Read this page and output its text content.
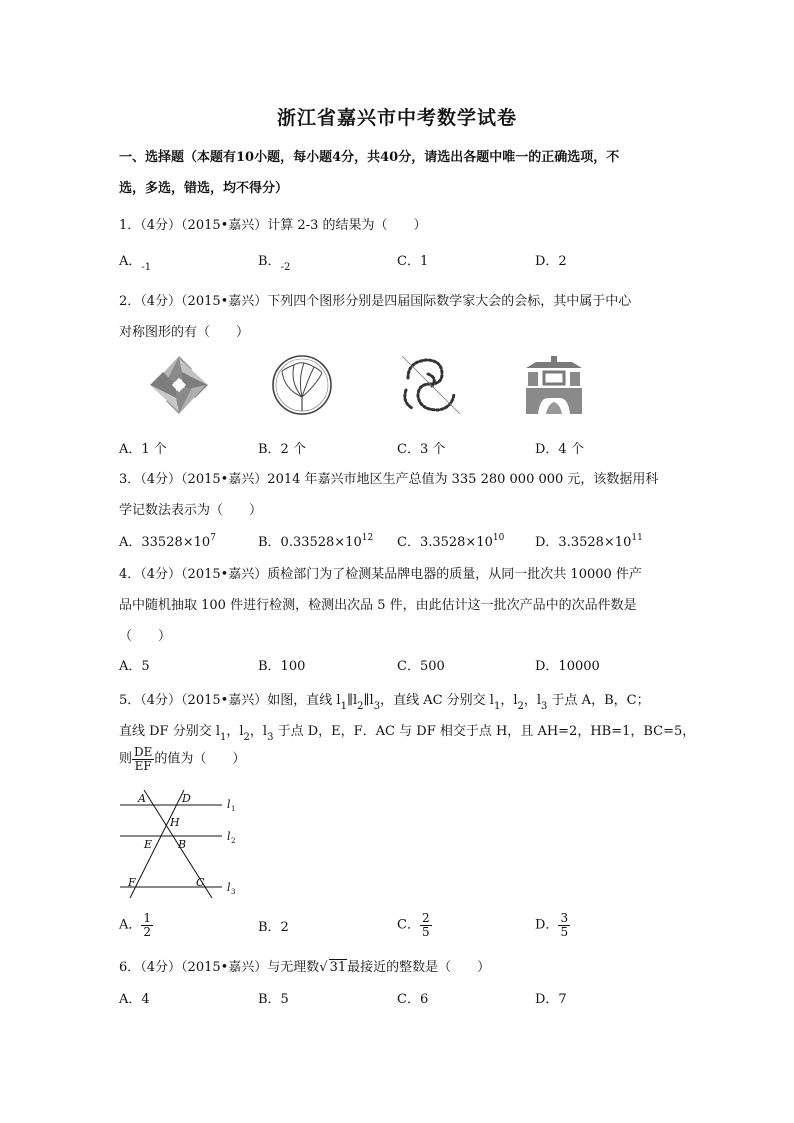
浙江省嘉兴市中考数学试卷
一、选择题（本题有10小题，每小题4分，共40分，请选出各题中唯一的正确选项，不
选，多选，错选，均不得分）
1．（4分）（2015•嘉兴）计算 2-3 的结果为（　　）
A．$_{-1}$	B．$_{-2}$	C．1	D．2
2．（4分）（2015•嘉兴）下列四个图形分别是四届国际数学家大会的会标，其中属于中心
对称图形的有（　　）
A．1 个	B．2 个	C．3 个	D．4 个
3．（4分）（2015•嘉兴）2014 年嘉兴市地区生产总值为 335 280 000 000 元，该数据用科
学记数法表示为（　　）
A．$33528\times 10^7$	B．$0.33528\times 10^{12}$ C．$3.3528\times 10^{10}$ D．$3.3528\times 10^{11}$
4．（4分）（2015•嘉兴）质检部门为了检测某品牌电器的质量，从同一批次共 10000 件产
品中随机抽取 100 件进行检测，检测出次品 5 件，由此估计这一批次产品中的次品件数是
（　　）
A．5	B．100	C．500	D．10000
5．（4分）（2015•嘉兴）如图，直线 $l_1\parallel l_2\parallel l_3$，直线 AC 分别交 $l_1$，$l_2$，$l_3$ 于点 A，B，C；
直线 DF 分别交 $l_1$，$l_2$，$l_3$ 于点 D，E，F．AC 与 DF 相交于点 H，且 AH=2，HB=1，BC=5，
则 $\frac{DE}{EF}$ 的值为（　　）
A	D
H
E B
F	C
l 1
l 2
l 3
A． $\frac{1}{2}$	B．2	C． $\frac{2}{5}$	D． $\frac{3}{5}$
6．（4分）（2015•嘉兴）与无理数√ 31最接近的整数是（　　）
A．4	B．5	C．6	D．7
